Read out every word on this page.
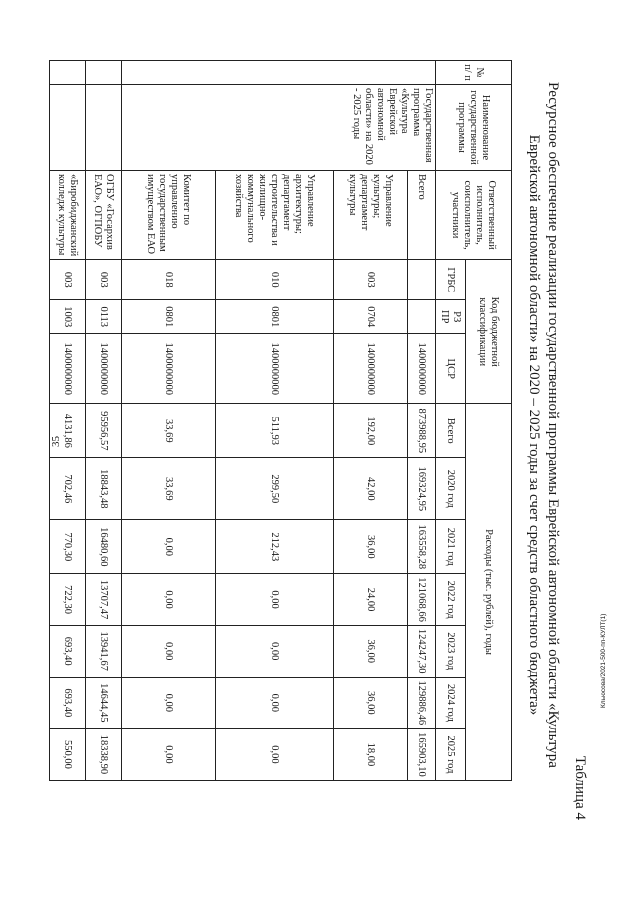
35
Кльюсова/2021-500-пп-КУЛТ(1)
Таблица 4
Ресурсное обеспечение реализации государственной программы Еврейской автономной области «Культура
Еврейской автономной области» на 2020 – 2025 годы за счет средств областного бюджета»
№ п/ п	Наименование государственной программы	Ответственный исполнитель, соисполнитель, участники	Код бюджетной классификации			Расходы (тыс. рублей), годы						
			ГРБС	РЗ ПР	ЦСР	Всего	2020 год	2021 год	2022 год	2023 год	2024 год	2025 год
	Государственная программа «Культура Еврейской автономной области» на 2020 - 2025 годы	Всего			1400000000	873988,95	169324,95	163558,28	121068,66	124247,30	129886,46	165903,10
		Управление культуры; департамент культуры	003	0704	1400000000	192,00	42,00	36,00	24,00	36,00	36,00	18,00
		Управление архитектуры; департамент строительства и жилищно-коммунального хозяйства	010	0801	1400000000	511,93	299,50	212,43	0,00	0,00	0,00	0,00
		Комитет по управлению государственным имуществом ЕАО	018	0801	1400000000	33,69	33,69	0,00	0,00	0,00	0,00	0,00
		ОГБУ «Госархив ЕАО», ОГПОБУ	003	0113	1400000000	95956,57	18843,48	16480,60	13707,47	13941,67	14644,45	18338,90
		«Биробиджанский колледж культуры	003	1003	1400000000	4131,86	702,46	770,30	722,30	693,40	693,40	550,00
